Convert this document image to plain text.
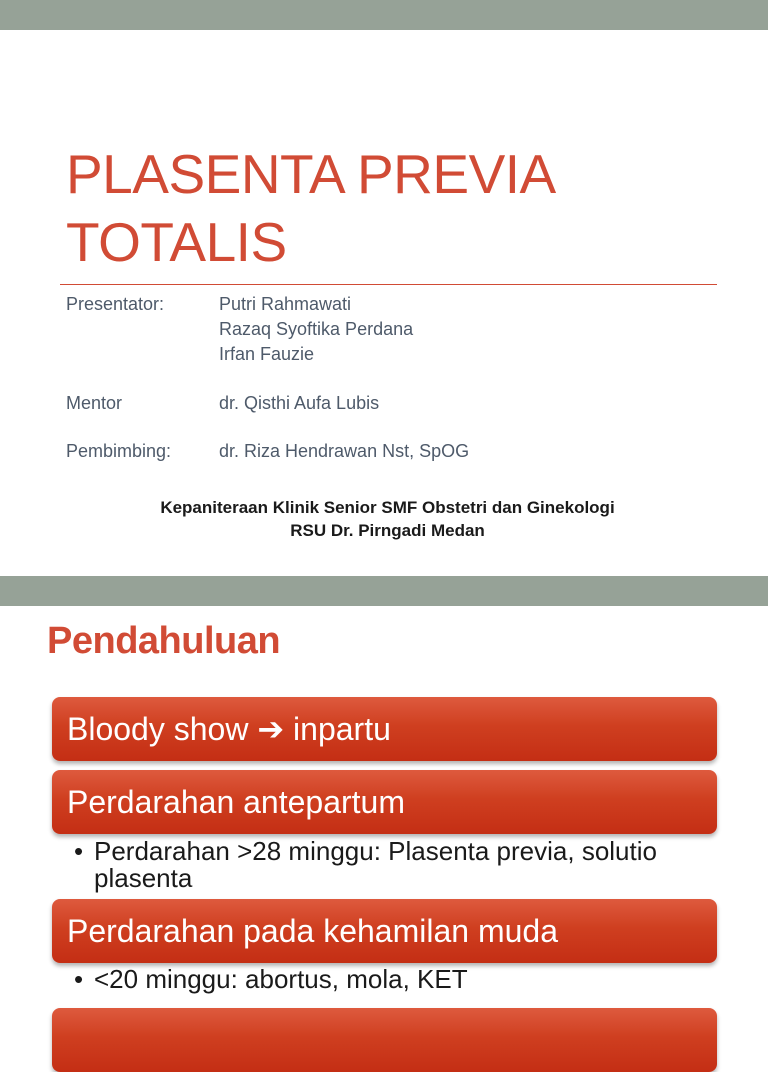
PLASENTA PREVIA
TOTALIS
Presentator:	Putri Rahmawati
Razaq Syoftika Perdana
Irfan Fauzie
Mentor	dr. Qisthi Aufa Lubis
Pembimbing:	dr. Riza Hendrawan Nst, SpOG
Kepaniteraan Klinik Senior SMF Obstetri dan Ginekologi
RSU Dr. Pirngadi Medan
Pendahuluan
Bloody show ➔ inpartu
Perdarahan antepartum
• Perdarahan >28 minggu: Plasenta previa, solutio plasenta
Perdarahan pada kehamilan muda
• <20 minggu: abortus, mola, KET
